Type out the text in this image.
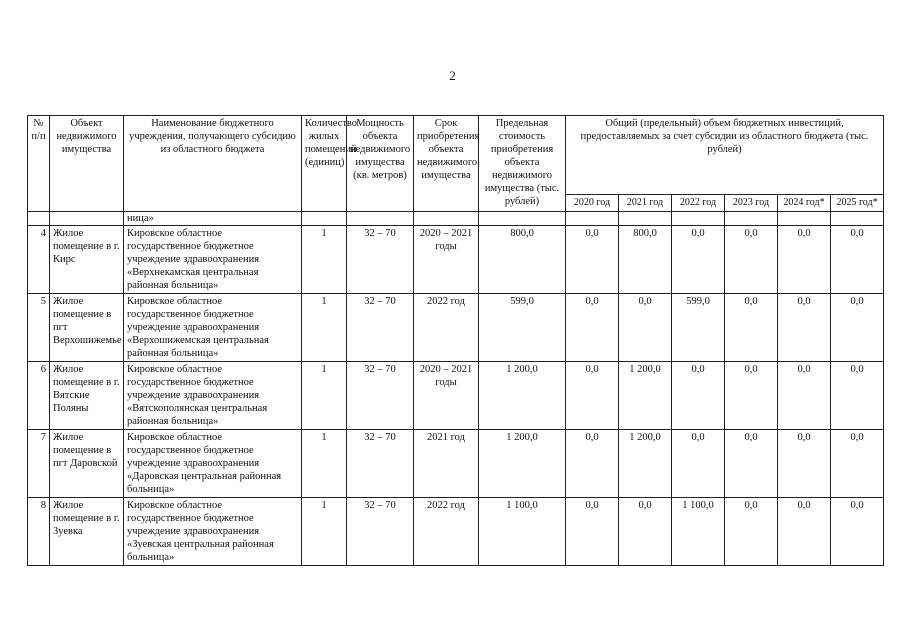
2
№ п/п	Объект недвижимого имущества	Наименование бюджетного учреждения, получающего субсидию из областного бюджета	Количество жилых помещений (единиц)	Мощность объекта недвижимого имущества (кв. метров)	Срок приобретения объекта недвижимого имущества	Предельная стоимость приобретения объекта недвижимого имущества (тыс. рублей)	Общий (предельный) объем бюджетных инвестиций, предоставляемых за счет субсидии из областного бюджета (тыс. рублей)					
							2020 год	2021 год	2022 год	2023 год	2024 год*	2025 год*
		ница»										
4	Жилое помещение в г. Кирс	Кировское областное государственное бюджетное учреждение здравоохранения «Верхнекамская центральная районная больница»	1	32 – 70	2020 – 2021 годы	800,0	0,0	800,0	0,0	0,0	0,0	0,0
5	Жилое помещение в пгт Верхошижемье	Кировское областное государственное бюджетное учреждение здравоохранения «Верхошижемская центральная районная больница»	1	32 – 70	2022 год	599,0	0,0	0,0	599,0	0,0	0,0	0,0
6	Жилое помещение в г. Вятские Поляны	Кировское областное государственное бюджетное учреждение здравоохранения «Вятскополянская центральная районная больница»	1	32 – 70	2020 – 2021 годы	1 200,0	0,0	1 200,0	0,0	0,0	0,0	0,0
7	Жилое помещение в пгт Даровской	Кировское областное государственное бюджетное учреждение здравоохранения «Даровская центральная районная больница»	1	32 – 70	2021 год	1 200,0	0,0	1 200,0	0,0	0,0	0,0	0,0
8	Жилое помещение в г. Зуевка	Кировское областное государственное бюджетное учреждение здравоохранения «Зуевская центральная районная больница»	1	32 – 70	2022 год	1 100,0	0,0	0,0	1 100,0	0,0	0,0	0,0
